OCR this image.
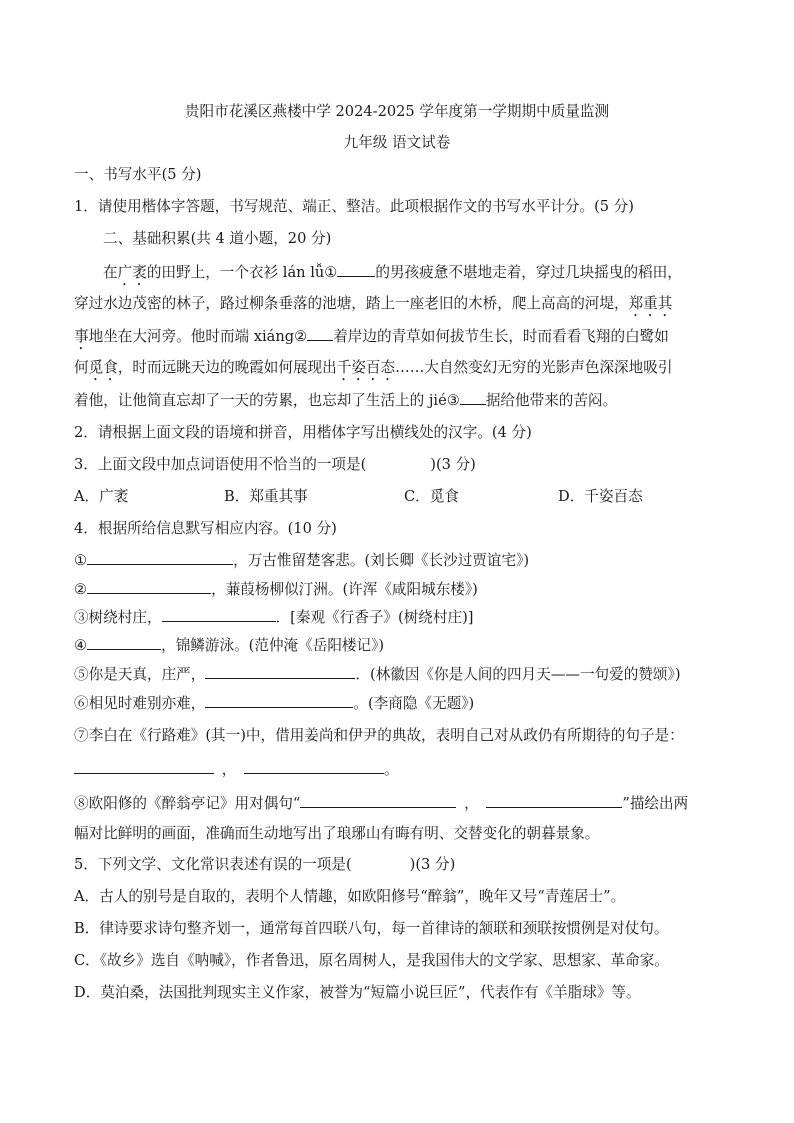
贵阳市花溪区燕楼中学 2024-2025 学年度第一学期期中质量监测
九年级 语文试卷
一、书写水平(5 分)
1．请使用楷体字答题，书写规范、端正、整洁。此项根据作文的书写水平计分。(5 分)
二、基础积累(共 4 道小题，20 分)
在广袤的田野上，一个衣衫 lán lǚ①	的男孩疲惫不堪地走着，穿过几块摇曳的稻田，
穿过水边茂密的林子，路过柳条垂落的池塘，踏上一座老旧的木桥，爬上高高的河堤，郑重其
事地坐在大河旁。他时而端 xiáng② 着岸边的青草如何拔节生长，时而看看飞翔的白鹭如
何觅食，时而远眺天边的晚霞如何展现出千姿百态……大自然变幻无穷的光影声色深深地吸引
着他，让他简直忘却了一天的劳累，也忘却了生活上的 jié③ 据给他带来的苦闷。
2．请根据上面文段的语境和拼音，用楷体字写出横线处的汉字。(4 分)
3．上面文段中加点词语使用不恰当的一项是(	)(3 分)
A．广袤	B．郑重其事	C．觅食	D．千姿百态
4．根据所给信息默写相应内容。(10 分)
①	，万古惟留楚客悲。(刘长卿《长沙过贾谊宅》)
②	，蒹葭杨柳似汀洲。(许浑《咸阳城东楼》)
③树绕村庄，	．[秦观《行香子》(树绕村庄)]
④	，锦鳞游泳。(范仲淹《岳阳楼记》)
⑤你是天真，庄严，	．(林徽因《你是人间的四月天——一句爱的赞颂》)
⑥相见时难别亦难，	。(李商隐《无题》)
⑦李白在《行路难》(其一)中，借用姜尚和伊尹的典故，表明自己对从政仍有所期待的句子是：
，	。
⑧欧阳修的《醉翁亭记》用对偶句“	，	”描绘出两
幅对比鲜明的画面，准确而生动地写出了琅琊山有晦有明、交替变化的朝暮景象。
5．下列文学、文化常识表述有误的一项是(	)(3 分)
A．古人的别号是自取的，表明个人情趣，如欧阳修号“醉翁”，晚年又号“青莲居士”。
B．律诗要求诗句整齐划一，通常每首四联八句，每一首律诗的颔联和颈联按惯例是对仗句。
C．《故乡》选自《呐喊》，作者鲁迅，原名周树人，是我国伟大的文学家、思想家、革命家。
D．莫泊桑，法国批判现实主义作家，被誉为“短篇小说巨匠”，代表作有《羊脂球》等。
